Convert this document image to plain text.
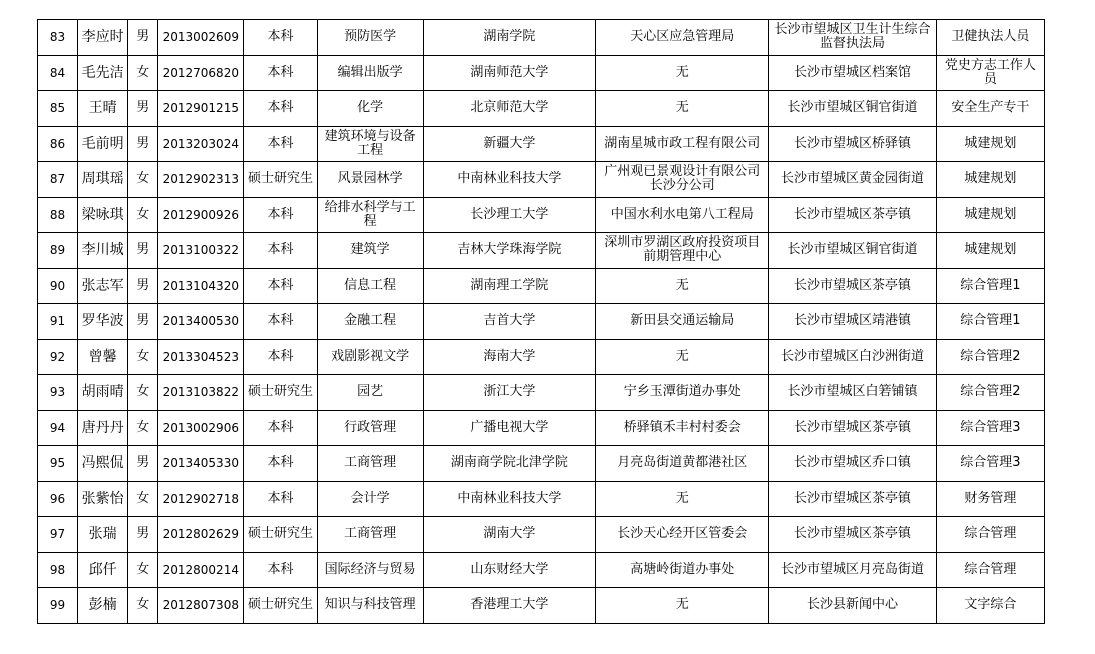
83	李应时	男	2013002609	本科	预防医学	湖南学院	天心区应急管理局	长沙市望城区卫生计生综合监督执法局	卫健执法人员
84	毛先洁	女	2012706820	本科	编辑出版学	湖南师范大学	无	长沙市望城区档案馆	党史方志工作人员
85	王晴	男	2012901215	本科	化学	北京师范大学	无	长沙市望城区铜官街道	安全生产专干
86	毛前明	男	2013203024	本科	建筑环境与设备工程	新疆大学	湖南星城市政工程有限公司	长沙市望城区桥驿镇	城建规划
87	周琪瑶	女	2012902313	硕士研究生	风景园林学	中南林业科技大学	广州观已景观设计有限公司长沙分公司	长沙市望城区黄金园街道	城建规划
88	梁咏琪	女	2012900926	本科	给排水科学与工程	长沙理工大学	中国水利水电第八工程局	长沙市望城区茶亭镇	城建规划
89	李川城	男	2013100322	本科	建筑学	吉林大学珠海学院	深圳市罗湖区政府投资项目前期管理中心	长沙市望城区铜官街道	城建规划
90	张志军	男	2013104320	本科	信息工程	湖南理工学院	无	长沙市望城区茶亭镇	综合管理1
91	罗华波	男	2013400530	本科	金融工程	吉首大学	新田县交通运输局	长沙市望城区靖港镇	综合管理1
92	曾馨	女	2013304523	本科	戏剧影视文学	海南大学	无	长沙市望城区白沙洲街道	综合管理2
93	胡雨晴	女	2013103822	硕士研究生	园艺	浙江大学	宁乡玉潭街道办事处	长沙市望城区白箬铺镇	综合管理2
94	唐丹丹	女	2013002906	本科	行政管理	广播电视大学	桥驿镇禾丰村村委会	长沙市望城区茶亭镇	综合管理3
95	冯熙侃	男	2013405330	本科	工商管理	湖南商学院北津学院	月亮岛街道黄都港社区	长沙市望城区乔口镇	综合管理3
96	张紫怡	女	2012902718	本科	会计学	中南林业科技大学	无	长沙市望城区茶亭镇	财务管理
97	张瑞	男	2012802629	硕士研究生	工商管理	湖南大学	长沙天心经开区管委会	长沙市望城区茶亭镇	综合管理
98	邱仟	女	2012800214	本科	国际经济与贸易	山东财经大学	高塘岭街道办事处	长沙市望城区月亮岛街道	综合管理
99	彭楠	女	2012807308	硕士研究生	知识与科技管理	香港理工大学	无	长沙县新闻中心	文字综合
